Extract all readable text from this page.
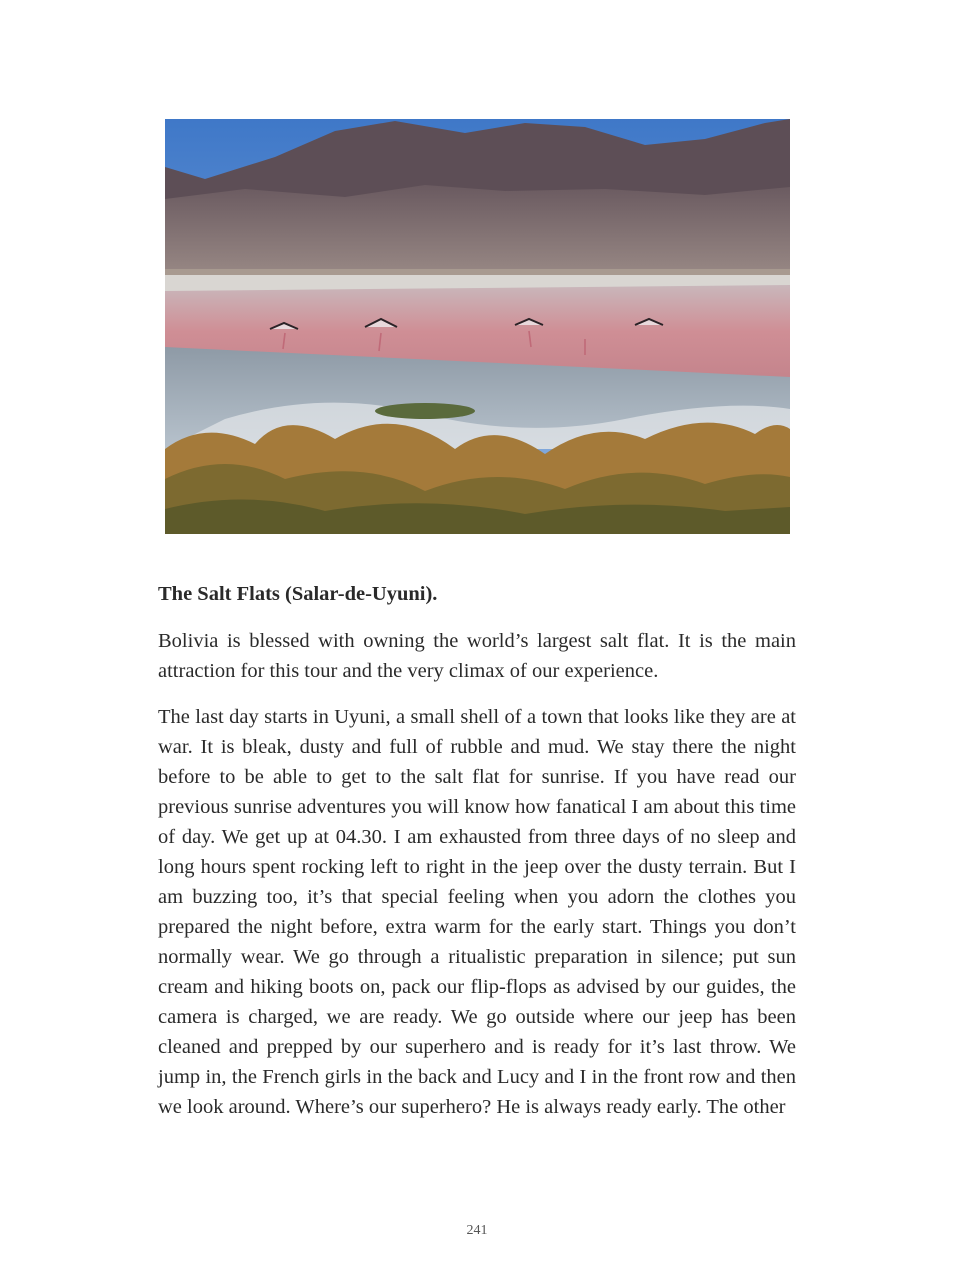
The Salt Flats (Salar-de-Uyuni).

Bolivia is blessed with owning the world’s largest salt flat. It is the main attraction for this tour and the very climax of our experience.

The last day starts in Uyuni, a small shell of a town that looks like they are at war. It is bleak, dusty and full of rubble and mud. We stay there the night before to be able to get to the salt flat for sunrise. If you have read our previous sunrise adventures you will know how fanatical I am about this time of day. We get up at 04.30. I am exhausted from three days of no sleep and long hours spent rocking left to right in the jeep over the dusty terrain. But I am buzzing too, it’s that special feeling when you adorn the clothes you prepared the night before, extra warm for the early start. Things you don’t normally wear. We go through a ritualistic preparation in silence; put sun cream and hiking boots on, pack our flip-flops as advised by our guides, the camera is charged, we are ready. We go outside where our jeep has been cleaned and prepped by our superhero and is ready for it’s last throw. We jump in, the French girls in the back and Lucy and I in the front row and then we look around. Where’s our superhero? He is always ready early. The other

241
